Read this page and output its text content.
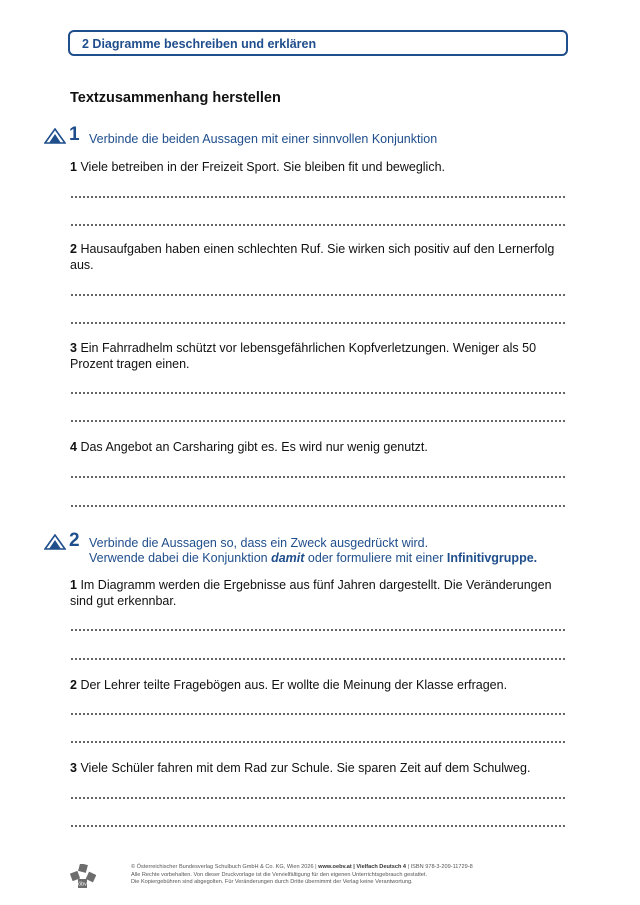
2 Diagramme beschreiben und erklären
Textzusammenhang herstellen
1 Verbinde die beiden Aussagen mit einer sinnvollen Konjunktion
1 Viele betreiben in der Freizeit Sport. Sie bleiben fit und beweglich.
2 Hausaufgaben haben einen schlechten Ruf. Sie wirken sich positiv auf den Lernerfolg aus.
3 Ein Fahrradhelm schützt vor lebensgefährlichen Kopfverletzungen. Weniger als 50 Prozent tragen einen.
4 Das Angebot an Carsharing gibt es. Es wird nur wenig genutzt.
2 Verbinde die Aussagen so, dass ein Zweck ausgedrückt wird.
Verwende dabei die Konjunktion damit oder formuliere mit einer Infinitivgruppe.
1 Im Diagramm werden die Ergebnisse aus fünf Jahren dargestellt. Die Veränderungen sind gut erkennbar.
2 Der Lehrer teilte Fragebögen aus. Er wollte die Meinung der Klasse erfragen.
3 Viele Schüler fahren mit dem Rad zur Schule. Sie sparen Zeit auf dem Schulweg.
öbv
© Österreichischer Bundesverlag Schulbuch GmbH & Co. KG, Wien 2026 | www.oebv.at | Vielfach Deutsch 4 | ISBN 978-3-209-11729-8
Alle Rechte vorbehalten. Von dieser Druckvorlage ist die Vervielfältigung für den eigenen Unterrichtsgebrauch gestattet.
Die Kopiergebühren sind abgegolten. Für Veränderungen durch Dritte übernimmt der Verlag keine Verantwortung.
